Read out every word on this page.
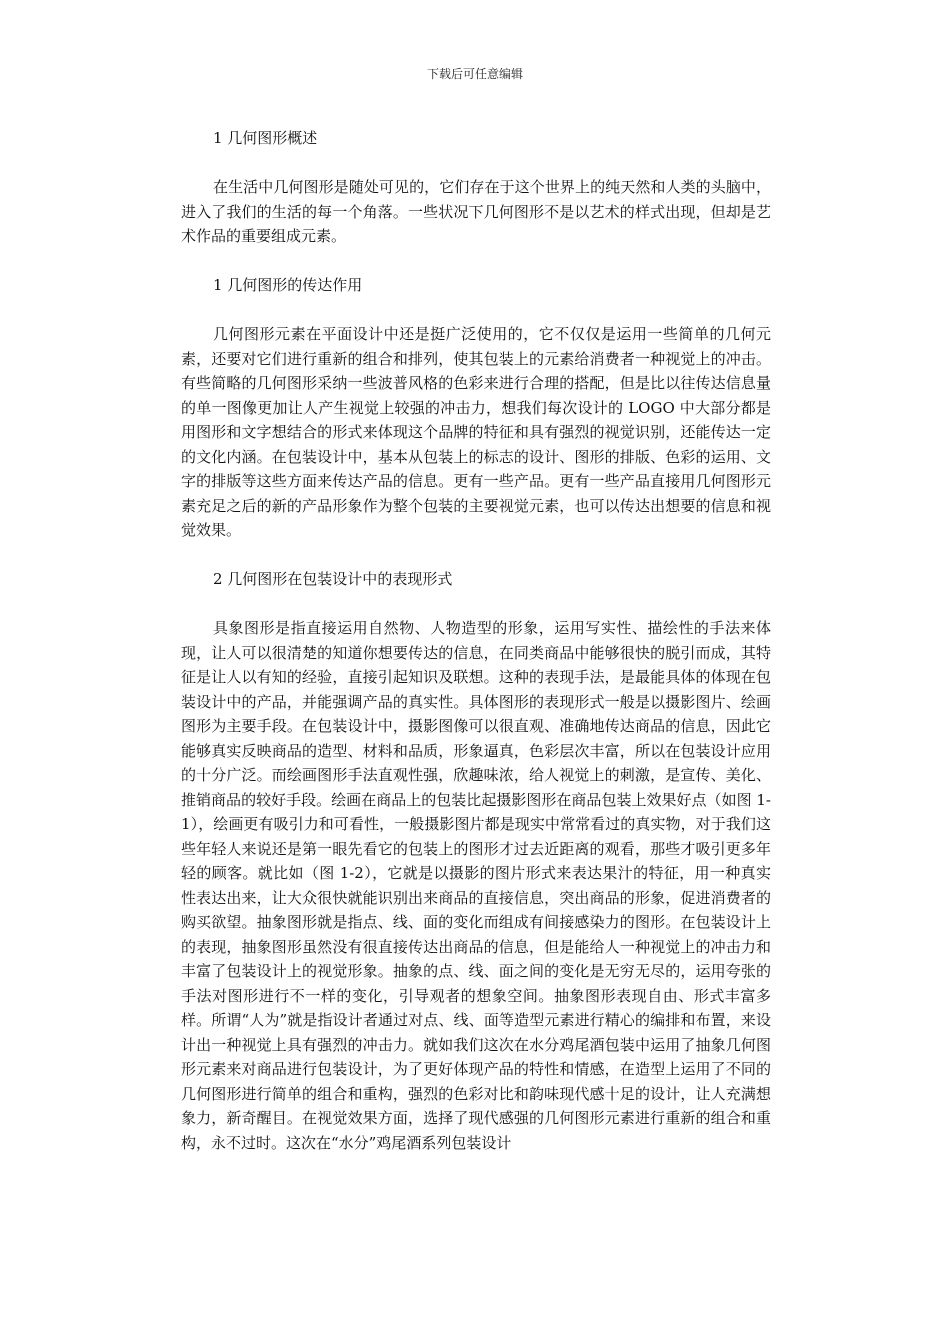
下载后可任意编辑
1 几何图形概述

在生活中几何图形是随处可见的，它们存在于这个世界上的纯天然和人类的头脑中，进入了我们的生活的每一个角落。一些状况下几何图形不是以艺术的样式出现，但却是艺术作品的重要组成元素。

1 几何图形的传达作用

几何图形元素在平面设计中还是挺广泛使用的，它不仅仅是运用一些简单的几何元素，还要对它们进行重新的组合和排列，使其包装上的元素给消费者一种视觉上的冲击。有些简略的几何图形采纳一些波普风格的色彩来进行合理的搭配，但是比以往传达信息量的单一图像更加让人产生视觉上较强的冲击力，想我们每次设计的 LOGO 中大部分都是用图形和文字想结合的形式来体现这个品牌的特征和具有强烈的视觉识别，还能传达一定的文化内涵。在包装设计中，基本从包装上的标志的设计、图形的排版、色彩的运用、文字的排版等这些方面来传达产品的信息。更有一些产品。更有一些产品直接用几何图形元素充足之后的新的产品形象作为整个包装的主要视觉元素，也可以传达出想要的信息和视觉效果。

2 几何图形在包装设计中的表现形式

具象图形是指直接运用自然物、人物造型的形象，运用写实性、描绘性的手法来体现，让人可以很清楚的知道你想要传达的信息，在同类商品中能够很快的脱引而成，其特征是让人以有知的经验，直接引起知识及联想。这种的表现手法，是最能具体的体现在包装设计中的产品，并能强调产品的真实性。具体图形的表现形式一般是以摄影图片、绘画图形为主要手段。在包装设计中，摄影图像可以很直观、准确地传达商品的信息，因此它能够真实反映商品的造型、材料和品质，形象逼真，色彩层次丰富，所以在包装设计应用的十分广泛。而绘画图形手法直观性强，欣趣味浓，给人视觉上的刺激，是宣传、美化、推销商品的较好手段。绘画在商品上的包装比起摄影图形在商品包装上效果好点（如图 1-1），绘画更有吸引力和可看性，一般摄影图片都是现实中常常看过的真实物，对于我们这些年轻人来说还是第一眼先看它的包装上的图形才过去近距离的观看，那些才吸引更多年轻的顾客。就比如（图 1-2），它就是以摄影的图片形式来表达果汁的特征，用一种真实性表达出来，让大众很快就能识别出来商品的直接信息，突出商品的形象，促进消费者的购买欲望。抽象图形就是指点、线、面的变化而组成有间接感染力的图形。在包装设计上的表现，抽象图形虽然没有很直接传达出商品的信息，但是能给人一种视觉上的冲击力和丰富了包装设计上的视觉形象。抽象的点、线、面之间的变化是无穷无尽的，运用夸张的手法对图形进行不一样的变化，引导观者的想象空间。抽象图形表现自由、形式丰富多样。所谓“人为”就是指设计者通过对点、线、面等造型元素进行精心的编排和布置，来设计出一种视觉上具有强烈的冲击力。就如我们这次在水分鸡尾酒包装中运用了抽象几何图形元素来对商品进行包装设计，为了更好体现产品的特性和情感，在造型上运用了不同的几何图形进行简单的组合和重构，强烈的色彩对比和韵味现代感十足的设计，让人充满想象力，新奇醒目。在视觉效果方面，选择了现代感强的几何图形元素进行重新的组合和重构，永不过时。这次在“水分”鸡尾酒系列包装设计
